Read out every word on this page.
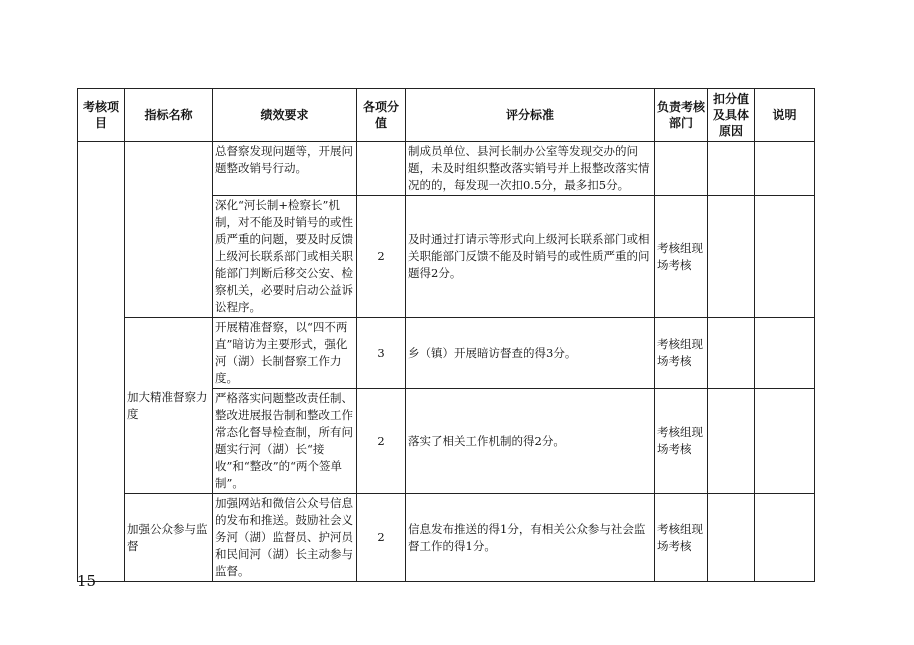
考核项目	指标名称	绩效要求	各项分值	评分标准	负责考核部门	扣分值及具体原因	说明
		总督察发现问题等，开展问题整改销号行动。		制成员单位、县河长制办公室等发现交办的问题，未及时组织整改落实销号并上报整改落实情况的的，每发现一次扣0.5分，最多扣5分。			
		深化“河长制+检察长”机制，对不能及时销号的或性质严重的问题，要及时反馈上级河长联系部门或相关职能部门判断后移交公安、检察机关，必要时启动公益诉讼程序。	2	及时通过打请示等形式向上级河长联系部门或相关职能部门反馈不能及时销号的或性质严重的问题得2分。	考核组现场考核		
	加大精准督察力度	开展精准督察，以“四不两直”暗访为主要形式，强化河（湖）长制督察工作力度。	3	乡（镇）开展暗访督查的得3分。	考核组现场考核		
		严格落实问题整改责任制、整改进展报告制和整改工作常态化督导检查制，所有问题实行河（湖）长“接收”和“整改”的“两个签单制”。	2	落实了相关工作机制的得2分。	考核组现场考核		
	加强公众参与监督	加强网站和微信公众号信息的发布和推送。鼓励社会义务河（湖）监督员、护河员和民间河（湖）长主动参与监督。	2	信息发布推送的得1分，有相关公众参与社会监督工作的得1分。	考核组现场考核		
15
